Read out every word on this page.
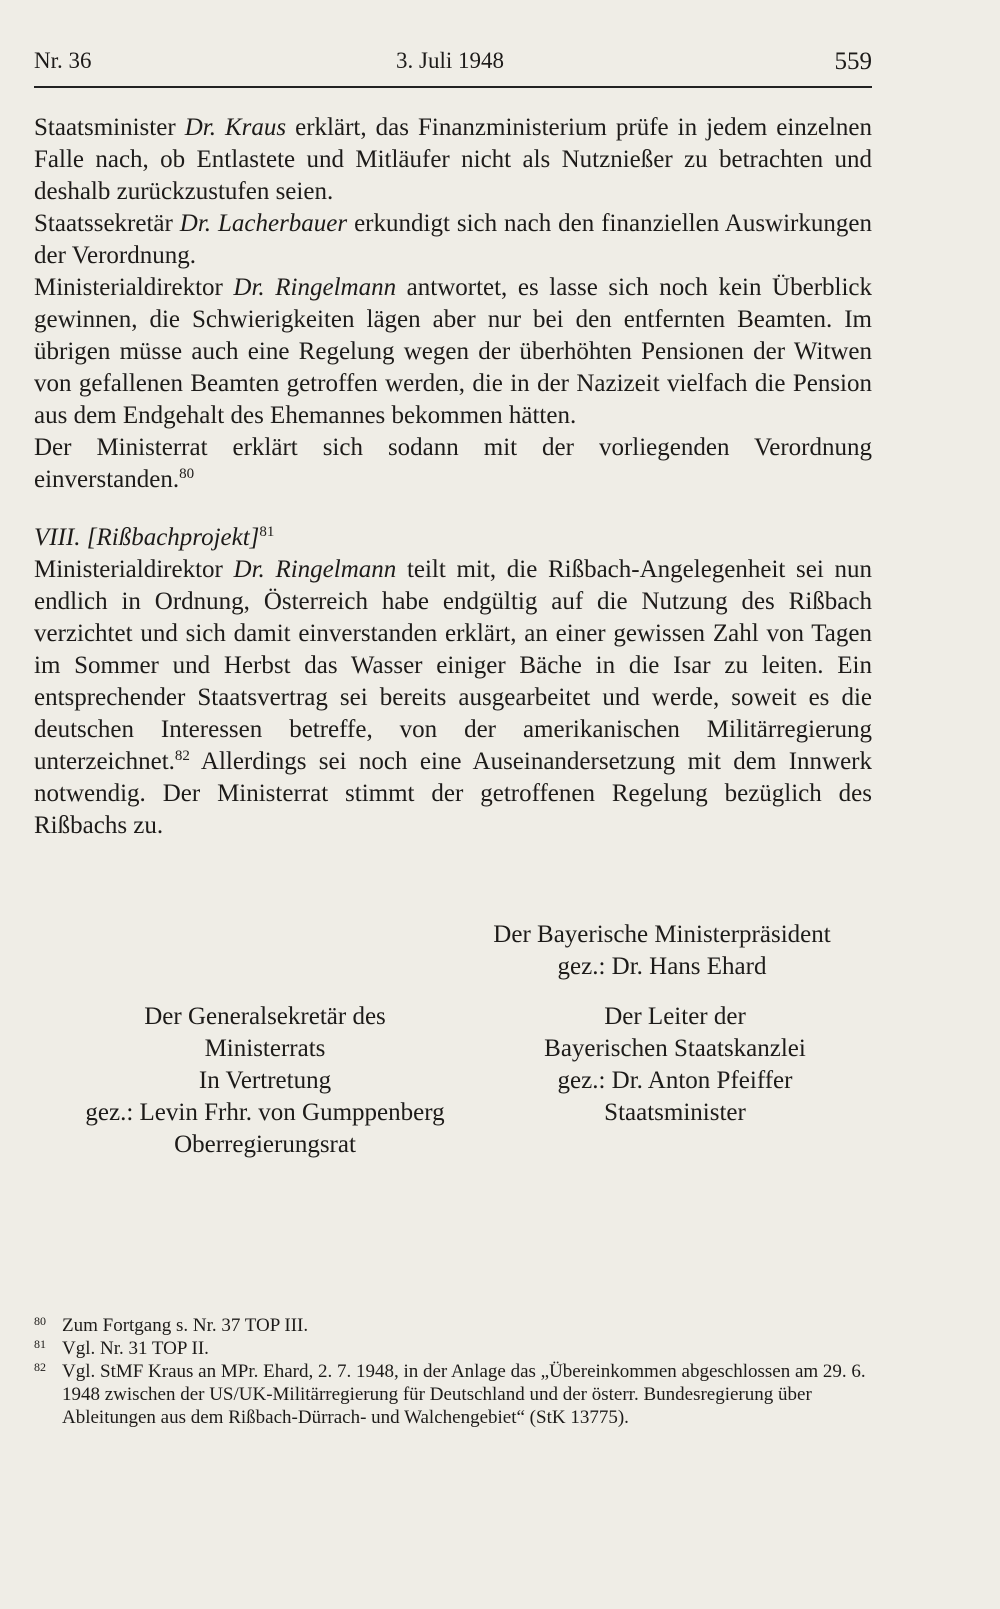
Nr. 36	3. Juli 1948	559

Staatsminister Dr. Kraus erklärt, das Finanzministerium prüfe in jedem einzelnen Falle nach, ob Entlastete und Mitläufer nicht als Nutznießer zu betrachten und deshalb zurückzustufen seien.

Staatssekretär Dr. Lacherbauer erkundigt sich nach den finanziellen Auswirkungen der Verordnung.

Ministerialdirektor Dr. Ringelmann antwortet, es lasse sich noch kein Überblick gewinnen, die Schwierigkeiten lägen aber nur bei den entfernten Beamten. Im übrigen müsse auch eine Regelung wegen der überhöhten Pensionen der Witwen von gefallenen Beamten getroffen werden, die in der Nazizeit vielfach die Pension aus dem Endgehalt des Ehemannes bekommen hätten.

Der Ministerrat erklärt sich sodann mit der vorliegenden Verordnung einverstanden.$^{80}$

VIII. [Rißbachprojekt]$^{81}$

Ministerialdirektor Dr. Ringelmann teilt mit, die Rißbach-Angelegenheit sei nun endlich in Ordnung, Österreich habe endgültig auf die Nutzung des Rißbach verzichtet und sich damit einverstanden erklärt, an einer gewissen Zahl von Tagen im Sommer und Herbst das Wasser einiger Bäche in die Isar zu leiten. Ein entsprechender Staatsvertrag sei bereits ausgearbeitet und werde, soweit es die deutschen Interessen betreffe, von der amerikanischen Militärregierung unterzeichnet.$^{82}$ Allerdings sei noch eine Auseinandersetzung mit dem Innwerk notwendig. Der Ministerrat stimmt der getroffenen Regelung bezüglich des Rißbachs zu.

Der Bayerische Ministerpräsident
gez.: Dr. Hans Ehard
Der Generalsekretär des
Ministerrats
In Vertretung
gez.: Levin Frhr. von Gumppenberg
Oberregierungsrat
Der Leiter der
Bayerischen Staatskanzlei
gez.: Dr. Anton Pfeiffer
Staatsminister
80 Zum Fortgang s. Nr. 37 TOP III.
81 Vgl. Nr. 31 TOP II.
82 Vgl. StMF Kraus an MPr. Ehard, 2. 7. 1948, in der Anlage das „Übereinkommen abgeschlossen am 29. 6. 1948 zwischen der US/UK-Militärregierung für Deutschland und der österr. Bundesregierung über Ableitungen aus dem Rißbach-Dürrach- und Walchengebiet“ (StK 13775).
